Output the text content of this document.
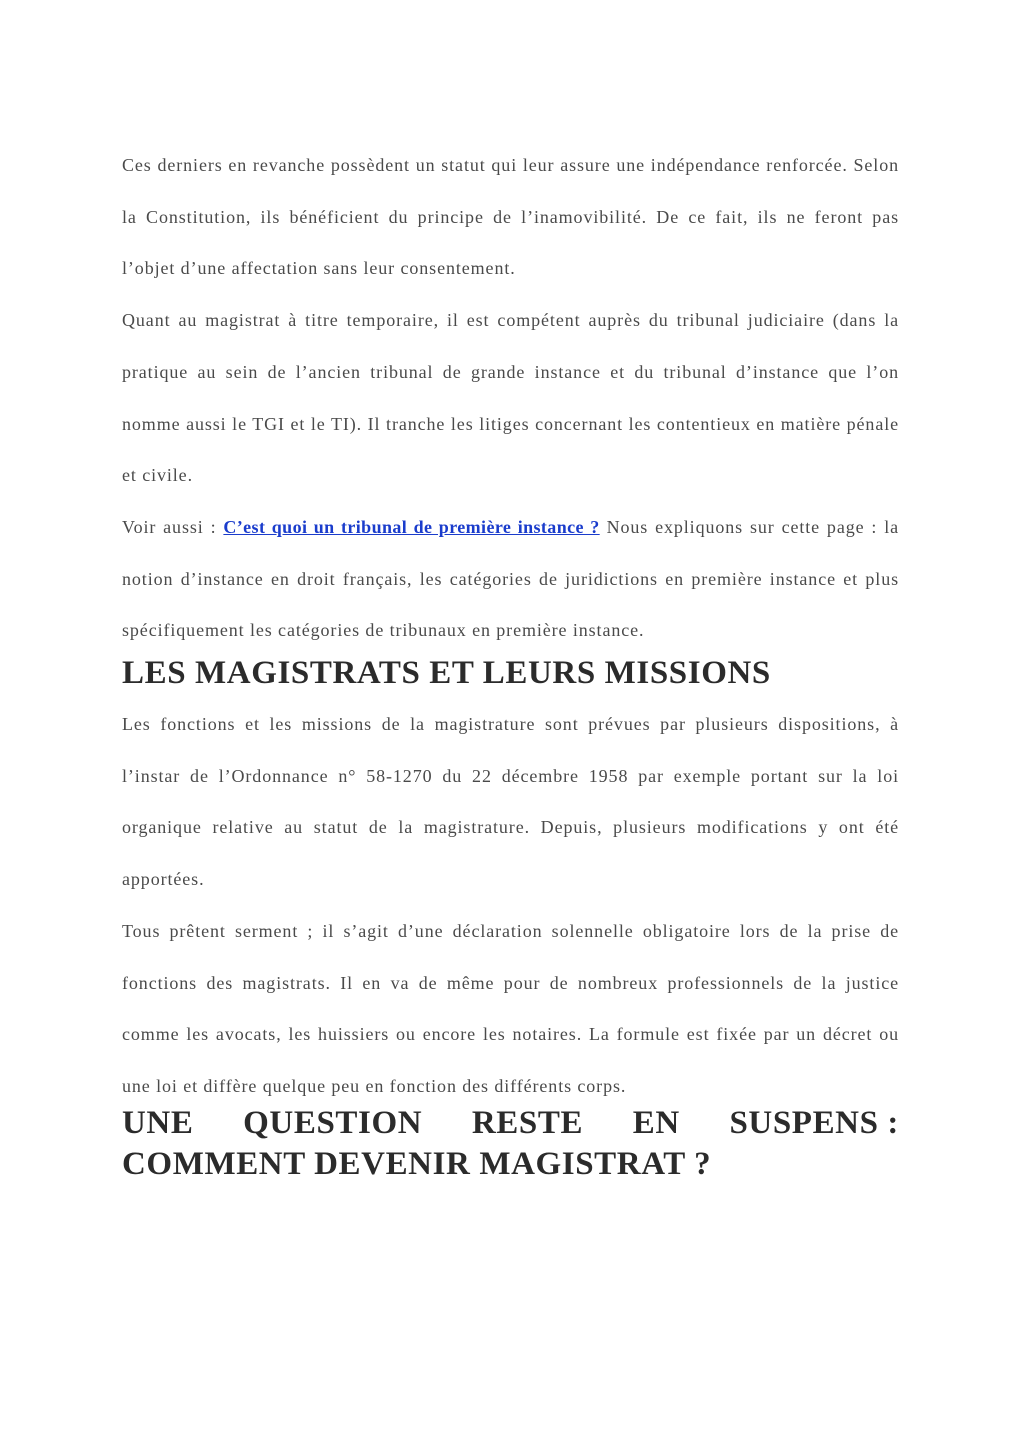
Ces derniers en revanche possèdent un statut qui leur assure une indépendance renforcée. Selon la Constitution, ils bénéficient du principe de l’inamovibilité. De ce fait, ils ne feront pas l’objet d’une affectation sans leur consentement.

Quant au magistrat à titre temporaire, il est compétent auprès du tribunal judiciaire (dans la pratique au sein de l’ancien tribunal de grande instance et du tribunal d’instance que l’on nomme aussi le TGI et le TI). Il tranche les litiges concernant les contentieux en matière pénale et civile.

Voir aussi : C’est quoi un tribunal de première instance ? Nous expliquons sur cette page : la notion d’instance en droit français, les catégories de juridictions en première instance et plus spécifiquement les catégories de tribunaux en première instance.

LES MAGISTRATS ET LEURS MISSIONS

Les fonctions et les missions de la magistrature sont prévues par plusieurs dispositions, à l’instar de l’Ordonnance n° 58-1270 du 22 décembre 1958 par exemple portant sur la loi organique relative au statut de la magistrature. Depuis, plusieurs modifications y ont été apportées.

Tous prêtent serment ; il s’agit d’une déclaration solennelle obligatoire lors de la prise de fonctions des magistrats. Il en va de même pour de nombreux professionnels de la justice comme les avocats, les huissiers ou encore les notaires. La formule est fixée par un décret ou une loi et diffère quelque peu en fonction des différents corps.

UNE QUESTION RESTE EN SUSPENS :
COMMENT DEVENIR MAGISTRAT ?
